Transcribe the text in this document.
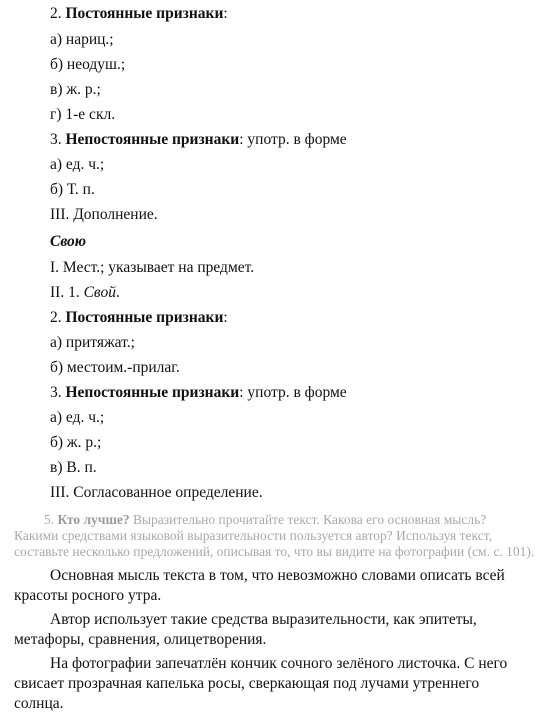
2. Постоянные признаки:
а) нариц.;
б) неодуш.;
в) ж. р.;
г) 1-е скл.
3. Непостоянные признаки: употр. в форме
а) ед. ч.;
б) Т. п.
III. Дополнение.
Свою
I. Мест.; указывает на предмет.
II. 1. Свой.
2. Постоянные признаки:
а) притяжат.;
б) местоим.-прилаг.
3. Непостоянные признаки: употр. в форме
а) ед. ч.;
б) ж. р.;
в) В. п.
III. Согласованное определение.
5. Кто лучше? Выразительно прочитайте текст. Какова его основная мысль?
Какими средствами языковой выразительности пользуется автор? Используя текст,
составьте несколько предложений, описывая то, что вы видите на фотографии (см. с. 101).
Основная мысль текста в том, что невозможно словами описать всей красоты росного утра.
Автор использует такие средства выразительности, как эпитеты, метафоры, сравнения, олицетворения.
На фотографии запечатлён кончик сочного зелёного листочка. С него свисает прозрачная капелька росы, сверкающая под лучами утреннего солнца.
